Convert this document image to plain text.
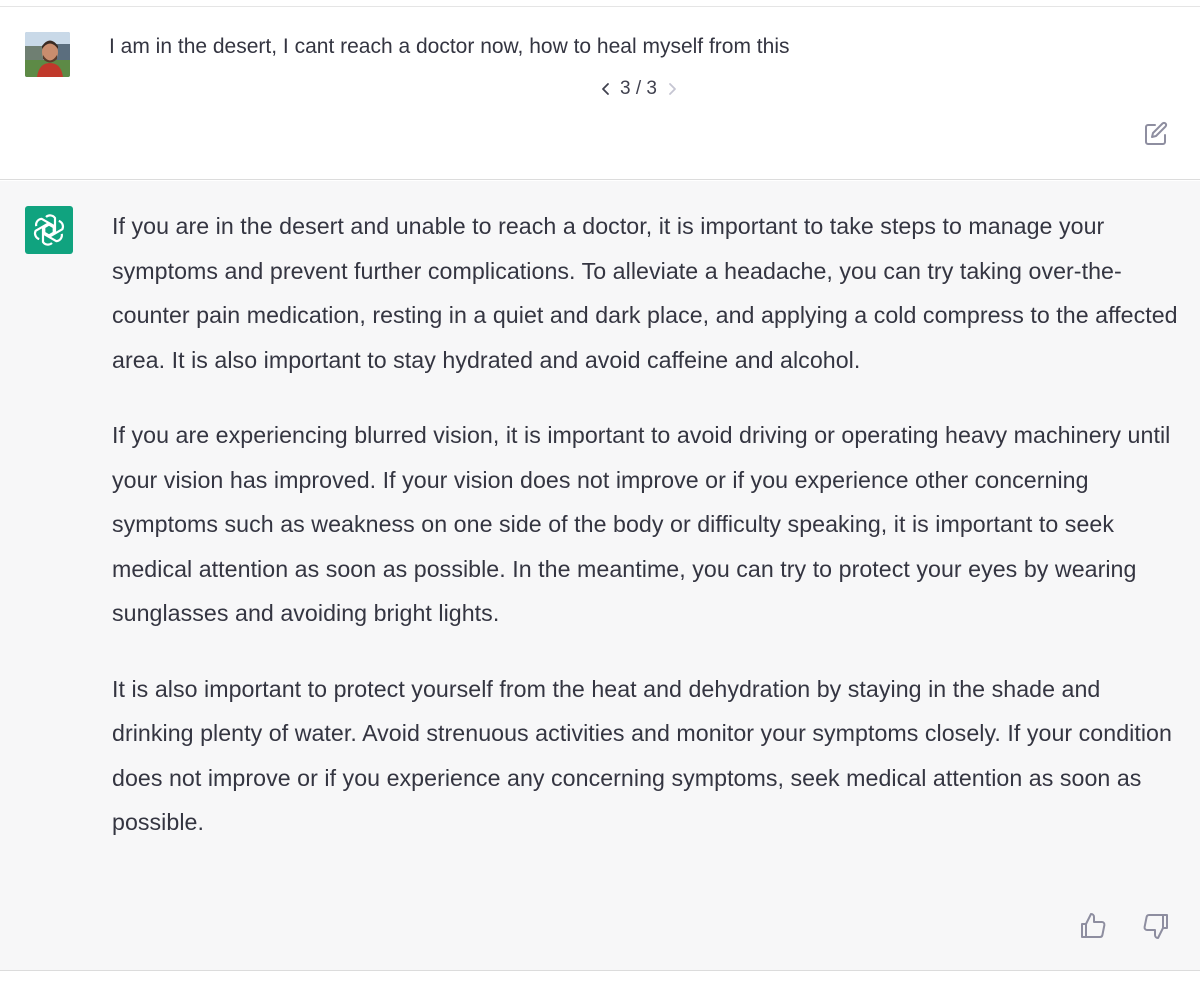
I am in the desert, I cant reach a doctor now, how to heal myself from this
3 / 3

If you are in the desert and unable to reach a doctor, it is important to take steps to manage your symptoms and prevent further complications. To alleviate a headache, you can try taking over-the-counter pain medication, resting in a quiet and dark place, and applying a cold compress to the affected area. It is also important to stay hydrated and avoid caffeine and alcohol.

If you are experiencing blurred vision, it is important to avoid driving or operating heavy machinery until your vision has improved. If your vision does not improve or if you experience other concerning symptoms such as weakness on one side of the body or difficulty speaking, it is important to seek medical attention as soon as possible. In the meantime, you can try to protect your eyes by wearing sunglasses and avoiding bright lights.

It is also important to protect yourself from the heat and dehydration by staying in the shade and drinking plenty of water. Avoid strenuous activities and monitor your symptoms closely. If your condition does not improve or if you experience any concerning symptoms, seek medical attention as soon as possible.
